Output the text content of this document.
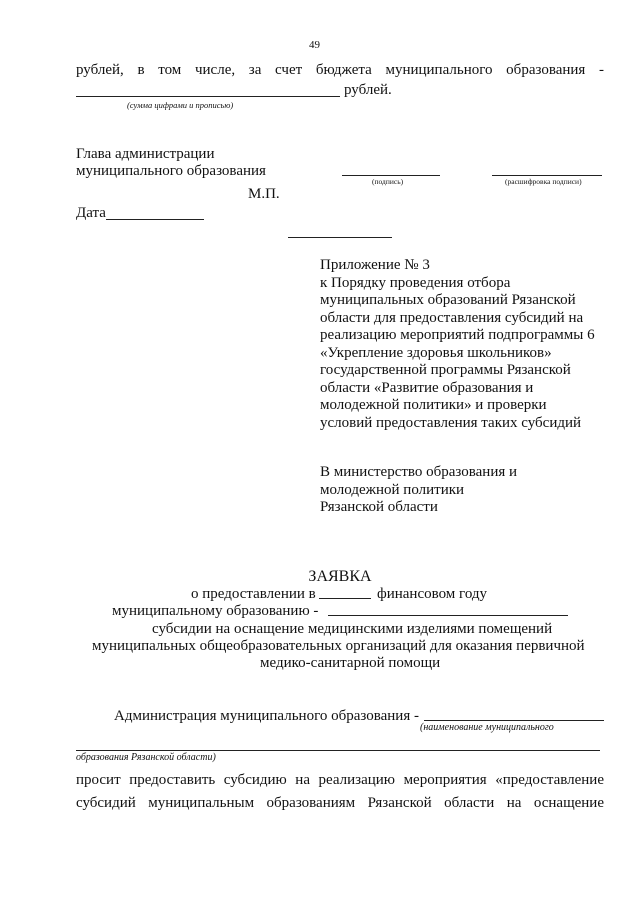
49
рублей, в том числе, за счет бюджета муниципального образования -
рублей.
(сумма цифрами и прописью)
Глава администрации
муниципального образования
(подпись)	(расшифровка подписи)
М.П.
Дата

Приложение № 3

к Порядку проведения отбора

муниципальных образований Рязанской

области для предоставления субсидий на

реализацию мероприятий подпрограммы 6

«Укрепление здоровья школьников»

государственной программы Рязанской

области «Развитие образования и

молодежной политики» и проверки

условий предоставления таких субсидий

В министерство образования и

молодежной политики

Рязанской области

ЗАЯВКА
о предоставлении в	финансовом году
муниципальному образованию -
субсидии на оснащение медицинскими изделиями помещений
муниципальных общеобразовательных организаций для оказания первичной
медико-санитарной помощи
Администрация муниципального образования -
(наименование муниципального
образования Рязанской области)
просит предоставить субсидию на реализацию мероприятия «предоставление
субсидий муниципальным образованиям Рязанской области на оснащение
